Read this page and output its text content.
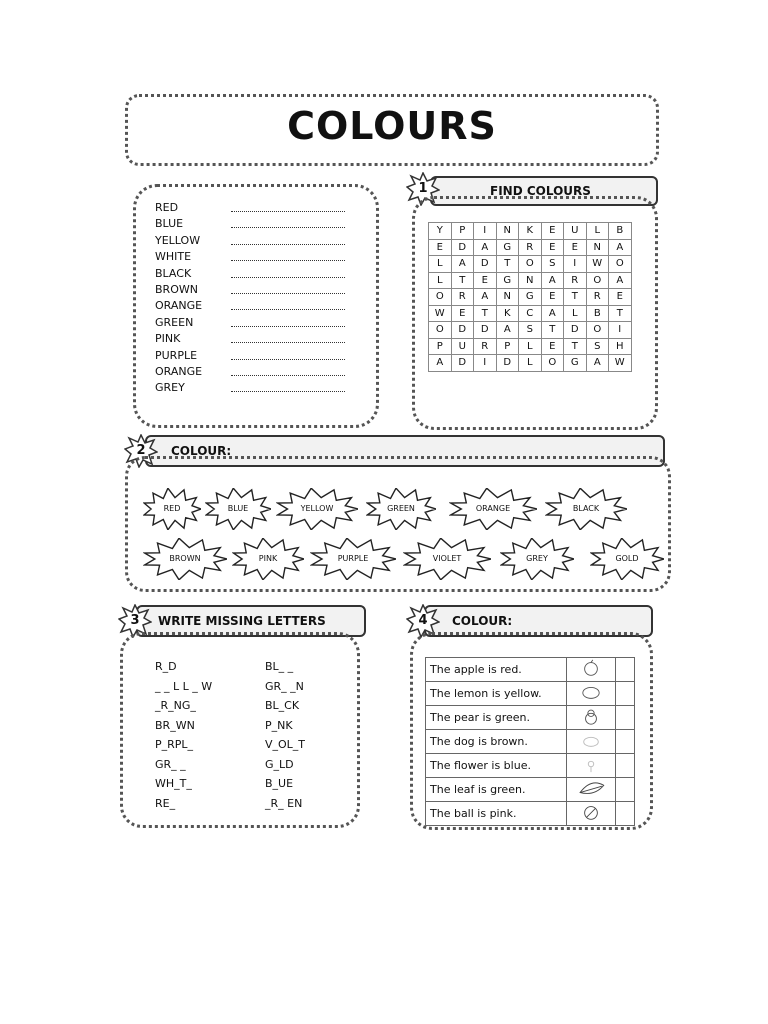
COLOURS
RED
BLUE
YELLOW
WHITE
BLACK
BROWN
ORANGE
GREEN
PINK
PURPLE
ORANGE
GREY
FIND COLOURS
1
Y	P	I	N	K	E	U	L	B
E	D	A	G	R	E	E	N	A
L	A	D	T	O	S	I	W	O
L	T	E	G	N	A	R	O	A
O	R	A	N	G	E	T	R	E
W	E	T	K	C	A	L	B	T
O	D	D	A	S	T	D	O	I
P	U	R	P	L	E	T	S	H
A	D	I	D	L	O	G	A	W
COLOUR:
2
RED	BLUE	YELLOW	GREEN	ORANGE	BLACK
BROWN	PINK	PURPLE	VIOLET	GREY	GOLD
WRITE MISSING LETTERS
3
R_D
_ _ L L _ W
_R_NG_
BR_WN
P_RPL_
GR_ _
WH_T_
RE_
BL_ _
GR_ _N
BL_CK
P_NK
V_OL_T
G_LD
B_UE
_R_ EN
COLOUR:
4
The apple is red.		
The lemon is yellow.		
The pear is green.		
The dog is brown.		
The flower is blue.		
The leaf is green.		
The ball is pink.		
